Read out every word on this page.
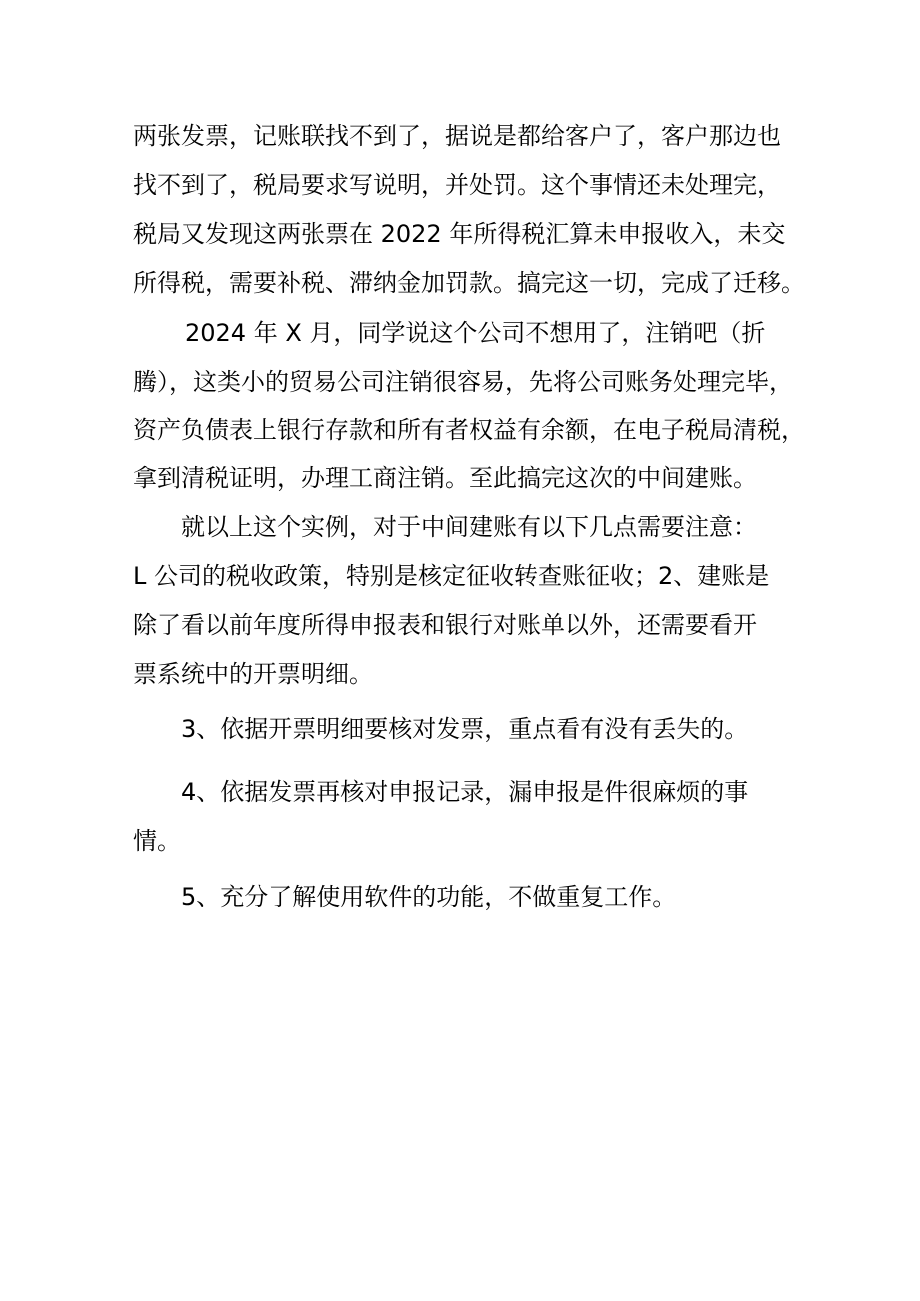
两张发票，记账联找不到了，据说是都给客户了，客户那边也
找不到了，税局要求写说明，并处罚。这个事情还未处理完，
税局又发现这两张票在 2022 年所得税汇算未申报收入，未交
所得税，需要补税、滞纳金加罚款。搞完这一切，完成了迁移。
2024 年 X 月，同学说这个公司不想用了，注销吧（折
腾），这类小的贸易公司注销很容易，先将公司账务处理完毕，
资产负债表上银行存款和所有者权益有余额，在电子税局清税，
拿到清税证明，办理工商注销。至此搞完这次的中间建账。
就以上这个实例，对于中间建账有以下几点需要注意：
L 公司的税收政策，特别是核定征收转查账征收；2、建账是
除了看以前年度所得申报表和银行对账单以外，还需要看开
票系统中的开票明细。
3、依据开票明细要核对发票，重点看有没有丢失的。
4、依据发票再核对申报记录，漏申报是件很麻烦的事
情。
5、充分了解使用软件的功能，不做重复工作。
